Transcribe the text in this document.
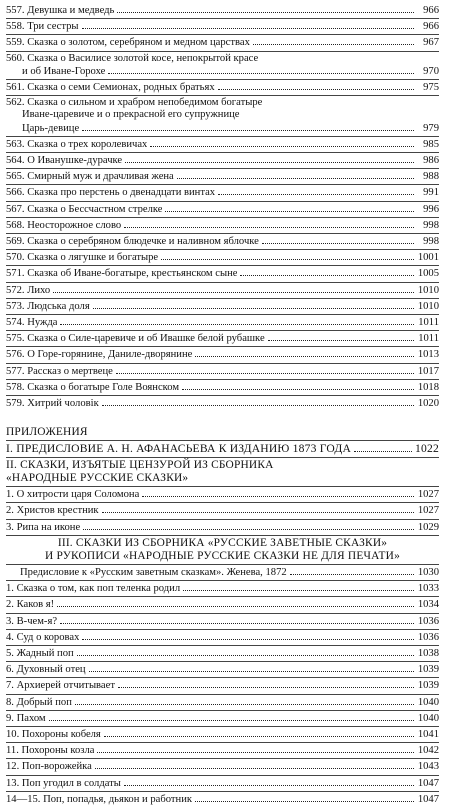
557. Девушка и медведь	966
558. Три сестры	966
559. Сказка о золотом, серебряном и медном царствах	967
560. Сказка о Василисе золотой косе, непокрытой красе
и об Иване-Горохе	970
561. Сказка о семи Семионах, родных братьях	975
562. Сказка о сильном и храбром непобедимом богатыре
Иване-царевиче и о прекрасной его супружнице
Царь-девице	979
563. Сказка о трех королевичах	985
564. О Иванушке-дурачке	986
565. Смирный муж и драчливая жена	988
566. Сказка про перстень о двенадцати винтах	991
567. Сказка о Бессчастном стрелке	996
568. Неосторожное слово	998
569. Сказка о серебряном блюдечке и наливном яблочке	998
570. Сказка о лягушке и богатыре	1001
571. Сказка об Иване-богатыре, крестьянском сыне	1005
572. Лихо	1010
573. Людська доля	1010
574. Нужда	1011
575. Сказка о Силе-царевиче и об Ивашке белой рубашке	1011
576. О Горе-горянине, Даниле-дворянине	1013
577. Рассказ о мертвеце	1017
578. Сказка о богатыре Голе Воянском	1018
579. Хитрий чоловік	1020
ПРИЛОЖЕНИЯ
I. ПРЕДИСЛОВИЕ А. Н. АФАНАСЬЕВА К ИЗДАНИЮ 1873 ГОДА	1022
II. СКАЗКИ, ИЗЪЯТЫЕ ЦЕНЗУРОЙ ИЗ СБОРНИКА
«НАРОДНЫЕ РУССКИЕ СКАЗКИ»
1. О хитрости царя Соломона	1027
2. Христов крестник	1027
3. Рипа на иконе	1029
III. СКАЗКИ ИЗ СБОРНИКА «РУССКИЕ ЗАВЕТНЫЕ СКАЗКИ»
И РУКОПИСИ «НАРОДНЫЕ РУССКИЕ СКАЗКИ НЕ ДЛЯ ПЕЧАТИ»
Предисловие к «Русским заветным сказкам». Женева, 1872	1030
1. Сказка о том, как поп теленка родил	1033
2. Каков я!	1034
3. В-чем-я?	1036
4. Суд о коровах	1036
5. Жадный поп	1038
6. Духовный отец	1039
7. Архиерей отчитывает	1039
8. Добрый поп	1040
9. Пахом	1040
10. Похороны кобеля	1041
11. Похороны козла	1042
12. Поп-ворожейка	1043
13. Поп угодил в солдаты	1047
14—15. Поп, попадья, дьякон и работник	1047
